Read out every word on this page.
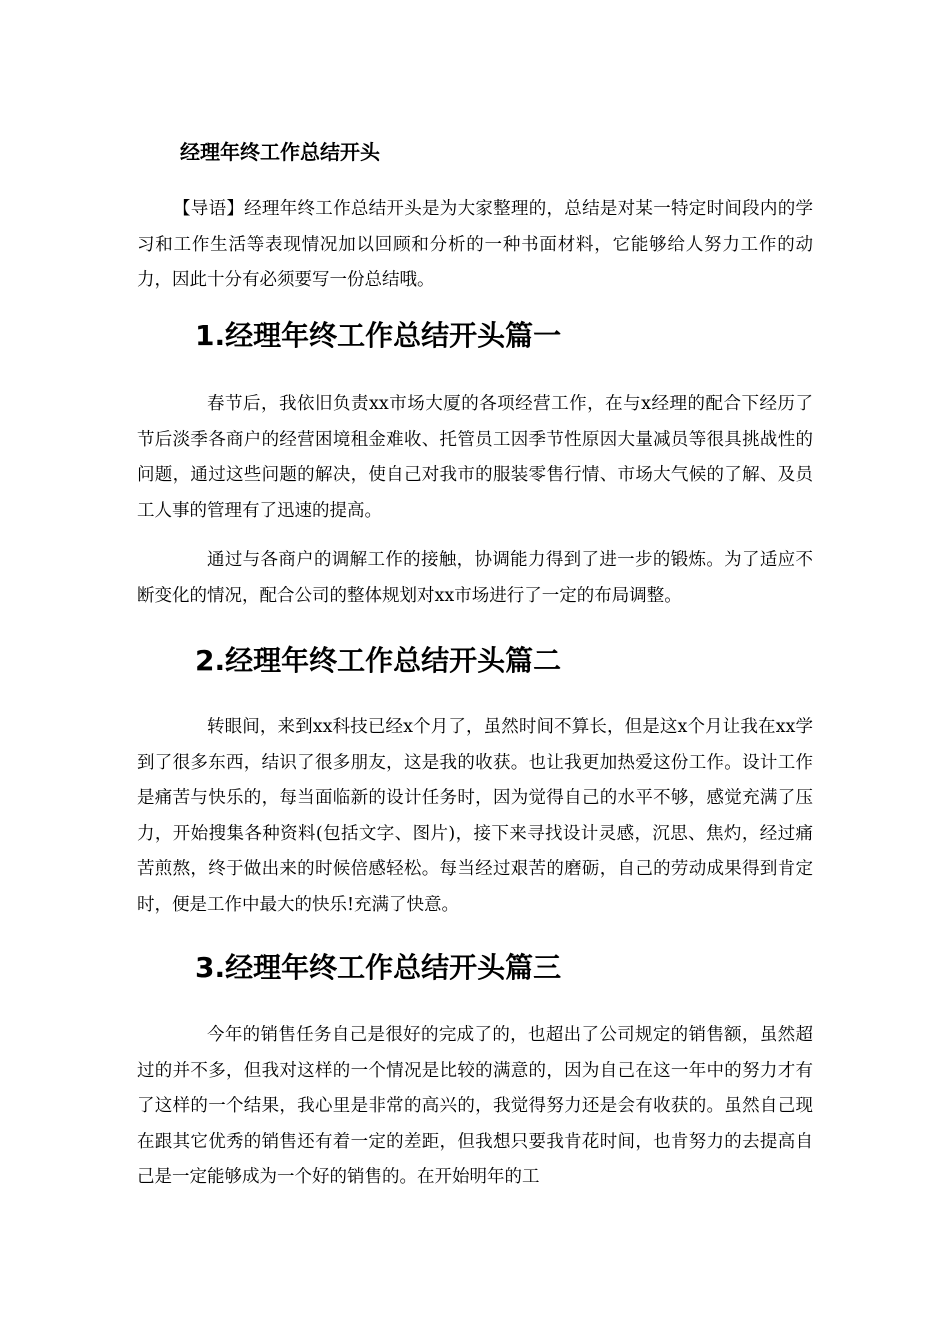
经理年终工作总结开头

【导语】经理年终工作总结开头是为大家整理的，总结是对某一特定时间段内的学习和工作生活等表现情况加以回顾和分析的一种书面材料，它能够给人努力工作的动力，因此十分有必须要写一份总结哦。

1.经理年终工作总结开头篇一

春节后，我依旧负责xx市场大厦的各项经营工作，在与x经理的配合下经历了节后淡季各商户的经营困境租金难收、托管员工因季节性原因大量减员等很具挑战性的问题，通过这些问题的解决，使自己对我市的服装零售行情、市场大气候的了解、及员工人事的管理有了迅速的提高。

通过与各商户的调解工作的接触，协调能力得到了进一步的锻炼。为了适应不断变化的情况，配合公司的整体规划对xx市场进行了一定的布局调整。

2.经理年终工作总结开头篇二

转眼间，来到xx科技已经x个月了，虽然时间不算长，但是这x个月让我在xx学到了很多东西，结识了很多朋友，这是我的收获。也让我更加热爱这份工作。设计工作是痛苦与快乐的，每当面临新的设计任务时，因为觉得自己的水平不够，感觉充满了压力，开始搜集各种资料(包括文字、图片)，接下来寻找设计灵感，沉思、焦灼，经过痛苦煎熬，终于做出来的时候倍感轻松。每当经过艰苦的磨砺，自己的劳动成果得到肯定时，便是工作中最大的快乐!充满了快意。

3.经理年终工作总结开头篇三

今年的销售任务自己是很好的完成了的，也超出了公司规定的销售额，虽然超过的并不多，但我对这样的一个情况是比较的满意的，因为自己在这一年中的努力才有了这样的一个结果，我心里是非常的高兴的，我觉得努力还是会有收获的。虽然自己现在跟其它优秀的销售还有着一定的差距，但我想只要我肯花时间，也肯努力的去提高自己是一定能够成为一个好的销售的。在开始明年的工
